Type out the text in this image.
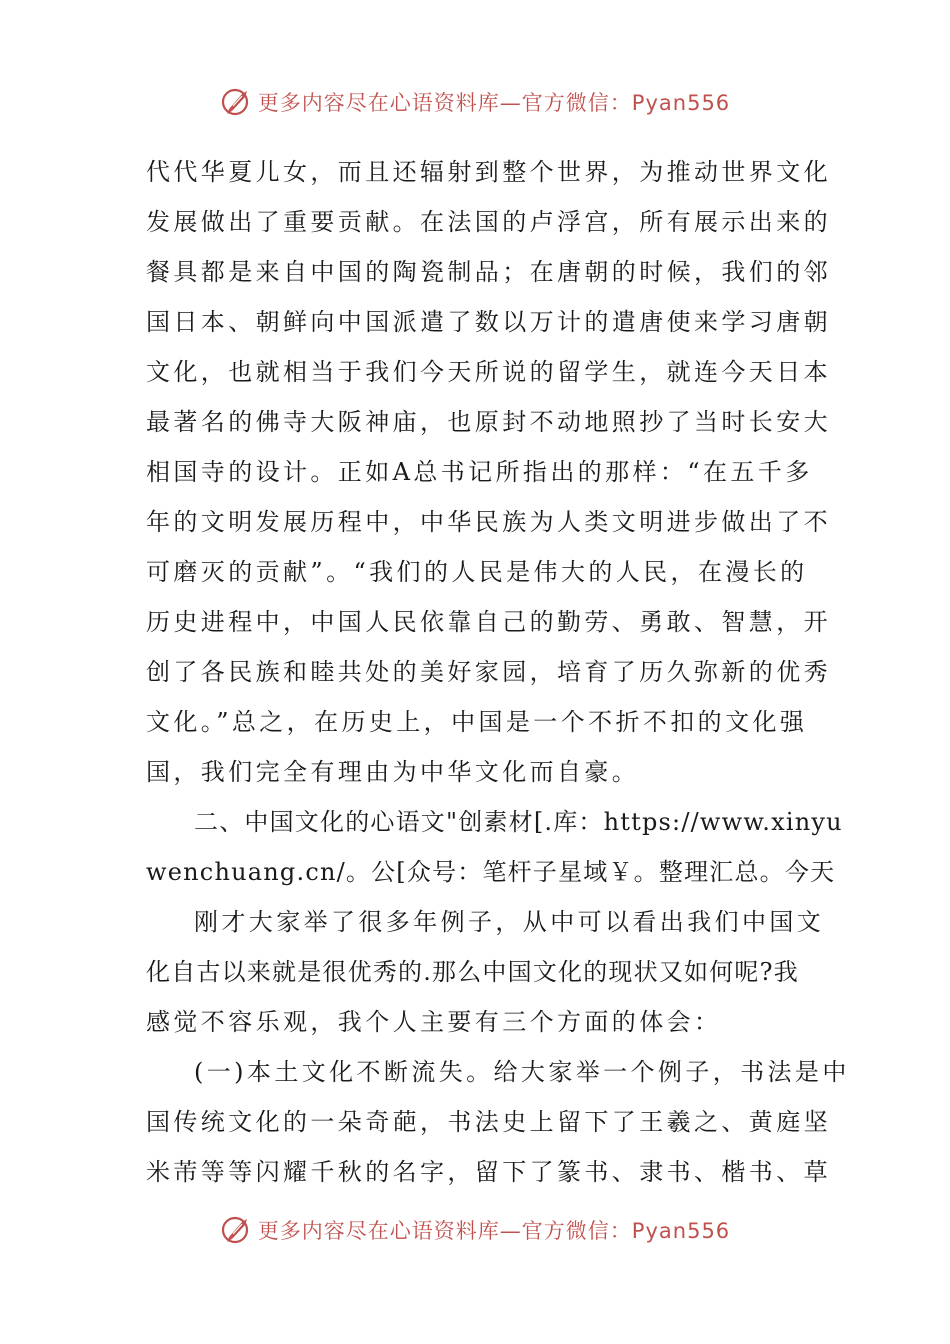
更多内容尽在心语资料库—官方微信：Pyan556
代代华夏儿女，而且还辐射到整个世界，为推动世界文化
发展做出了重要贡献。在法国的卢浮宫，所有展示出来的
餐具都是来自中国的陶瓷制品；在唐朝的时候，我们的邻
国日本、朝鲜向中国派遣了数以万计的遣唐使来学习唐朝
文化，也就相当于我们今天所说的留学生，就连今天日本
最著名的佛寺大阪神庙，也原封不动地照抄了当时长安大
相国寺的设计。正如A总书记所指出的那样：“在五千多
年的文明发展历程中，中华民族为人类文明进步做出了不
可磨灭的贡献”。“我们的人民是伟大的人民，在漫长的
历史进程中，中国人民依靠自己的勤劳、勇敢、智慧，开
创了各民族和睦共处的美好家园，培育了历久弥新的优秀
文化。”总之，在历史上，中国是一个不折不扣的文化强
国，我们完全有理由为中华文化而自豪。
二、中国文化的心语文"创素材[.库：https://www.xinyu
wenchuang.cn/。公[众号：笔杆子星域￥。整理汇总。今天
刚才大家举了很多年例子，从中可以看出我们中国文
化自古以来就是很优秀的.那么中国文化的现状又如何呢?我
感觉不容乐观，我个人主要有三个方面的体会：
(一)本土文化不断流失。给大家举一个例子，书法是中
国传统文化的一朵奇葩，书法史上留下了王羲之、黄庭坚
米芾等等闪耀千秋的名字，留下了篆书、隶书、楷书、草
更多内容尽在心语资料库—官方微信：Pyan556
